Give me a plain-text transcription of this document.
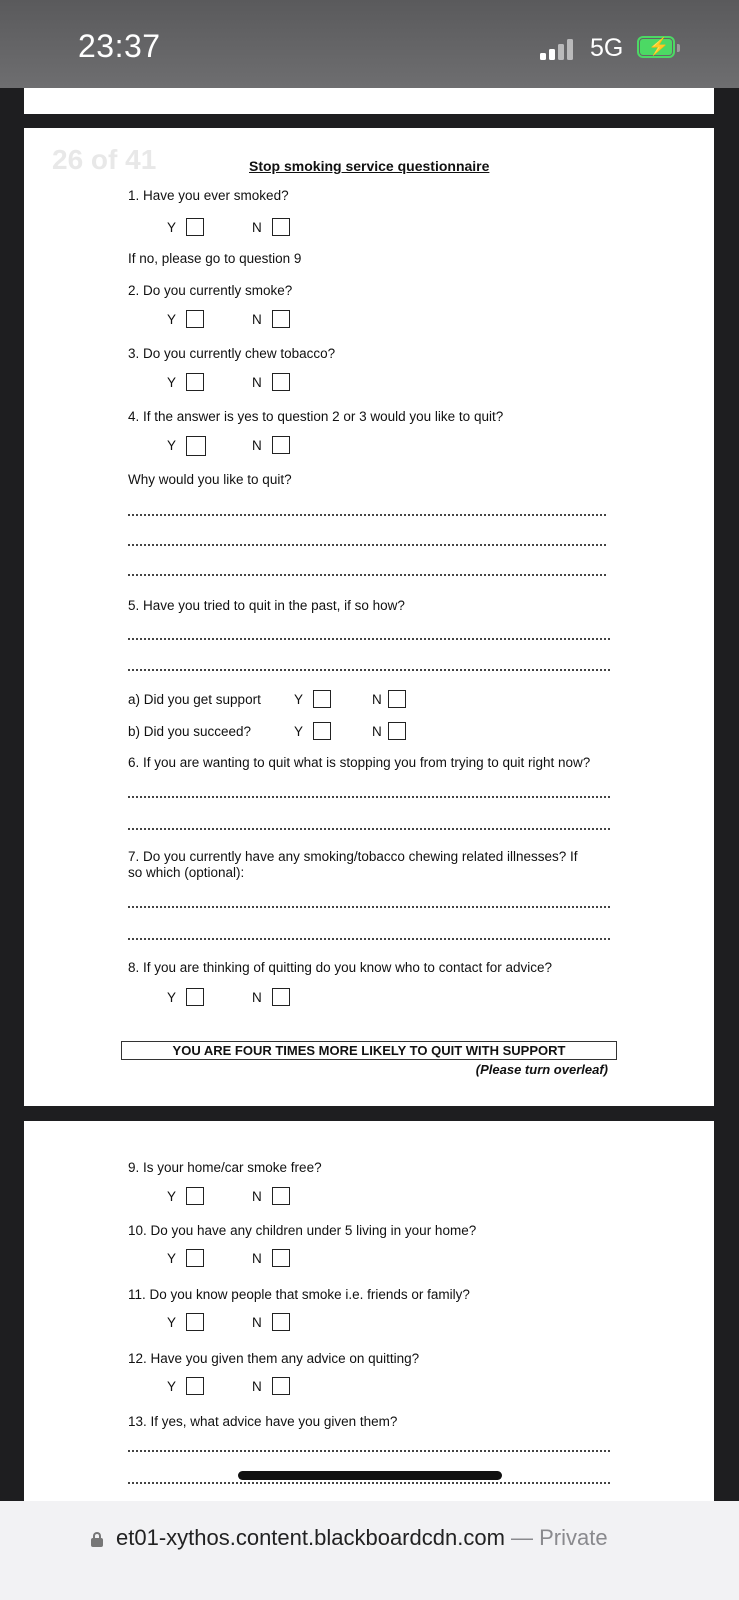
23:37	5G ⚡
26 of 41	Stop smoking service questionnaire
1. Have you ever smoked?
Y	N
If no, please go to question 9
2. Do you currently smoke?
Y	N
3. Do you currently chew tobacco?
Y	N
4. If the answer is yes to question 2 or 3 would you like to quit?
Y	N
Why would you like to quit?
5. Have you tried to quit in the past, if so how?
a) Did you get support Y	N
b) Did you succeed?	Y	N
6. If you are wanting to quit what is stopping you from trying to quit right now?
7. Do you currently have any smoking/tobacco chewing related illnesses? If
so which (optional):
8. If you are thinking of quitting do you know who to contact for advice?
Y	N
YOU ARE FOUR TIMES MORE LIKELY TO QUIT WITH SUPPORT
(Please turn overleaf)
9. Is your home/car smoke free?
Y	N
10. Do you have any children under 5 living in your home?
Y	N
11. Do you know people that smoke i.e. friends or family?
Y	N
12. Have you given them any advice on quitting?
Y	N
13. If yes, what advice have you given them?
et01-xythos.content.blackboardcdn.com — Private
